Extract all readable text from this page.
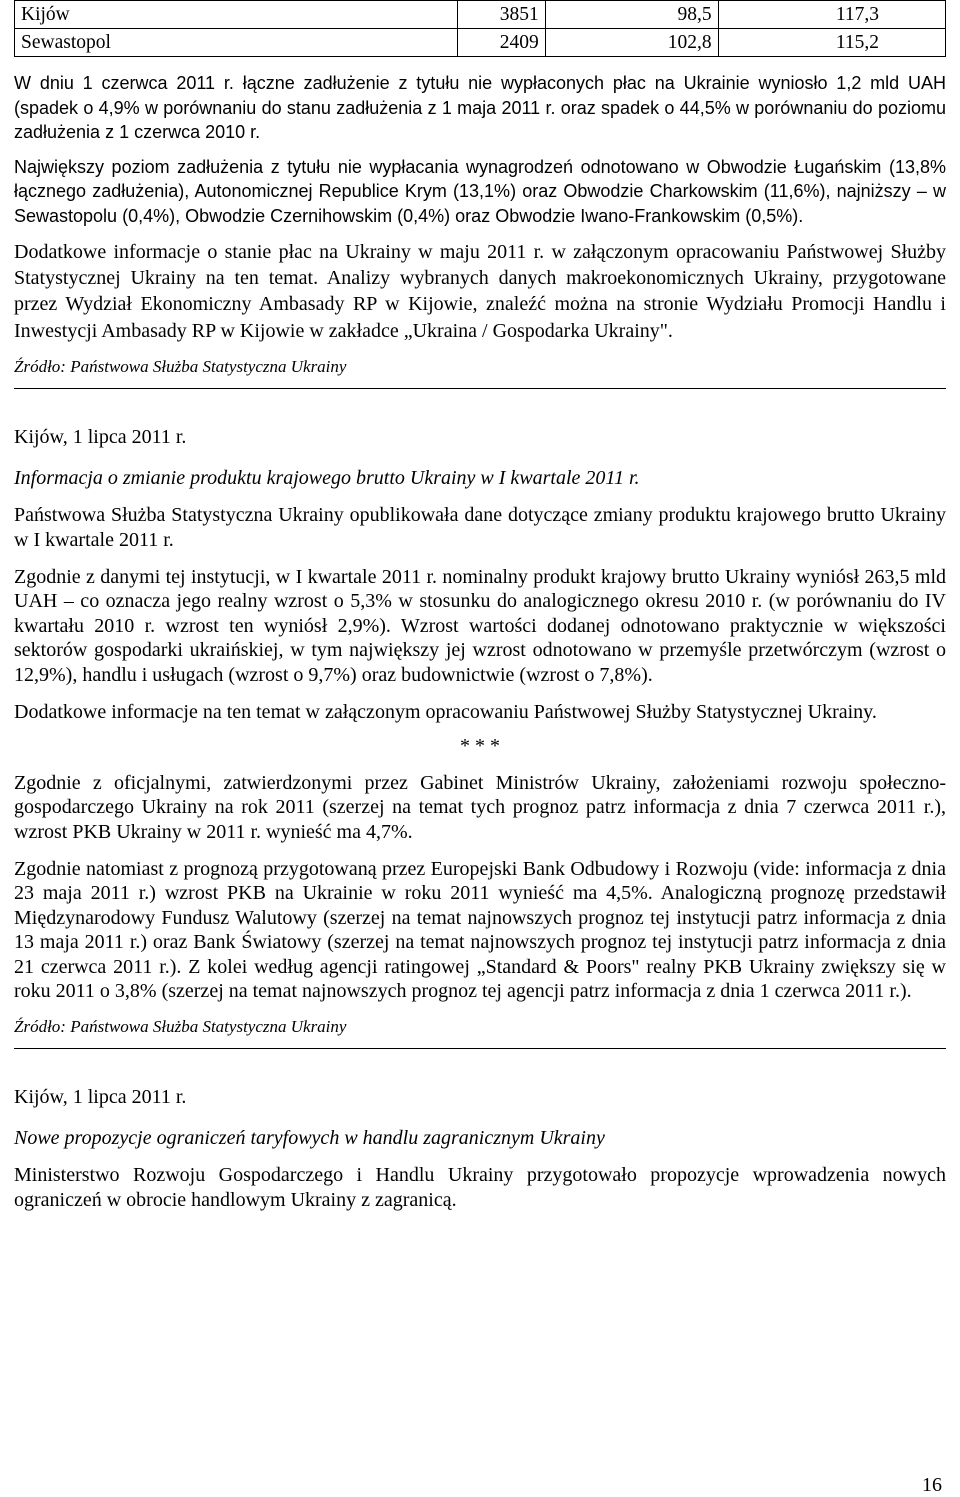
Kijów	3851	98,5	117,3
Sewastopol	2409	102,8	115,2

W dniu 1 czerwca 2011 r. łączne zadłużenie z tytułu nie wypłaconych płac na Ukrainie wyniosło 1,2 mld UAH (spadek o 4,9% w porównaniu do stanu zadłużenia z 1 maja 2011 r. oraz spadek o 44,5% w porównaniu do poziomu zadłużenia z 1 czerwca 2010 r.

Największy poziom zadłużenia z tytułu nie wypłacania wynagrodzeń odnotowano w Obwodzie Ługańskim (13,8% łącznego zadłużenia), Autonomicznej Republice Krym (13,1%) oraz Obwodzie Charkowskim (11,6%), najniższy – w Sewastopolu (0,4%), Obwodzie Czernihowskim (0,4%) oraz Obwodzie Iwano-Frankowskim (0,5%).

Dodatkowe informacje o stanie płac na Ukrainy w maju 2011 r. w załączonym opracowaniu Państwowej Służby Statystycznej Ukrainy na ten temat. Analizy wybranych danych makroekonomicznych Ukrainy, przygotowane przez Wydział Ekonomiczny Ambasady RP w Kijowie, znaleźć można na stronie Wydziału Promocji Handlu i Inwestycji Ambasady RP w Kijowie w zakładce „Ukraina / Gospodarka Ukrainy".

Źródło: Państwowa Służba Statystyczna Ukrainy

Kijów, 1 lipca 2011 r.

Informacja o zmianie produktu krajowego brutto Ukrainy w I kwartale 2011 r.

Państwowa Służba Statystyczna Ukrainy opublikowała dane dotyczące zmiany produktu krajowego brutto Ukrainy w I kwartale 2011 r.

Zgodnie z danymi tej instytucji, w I kwartale 2011 r. nominalny produkt krajowy brutto Ukrainy wyniósł 263,5 mld UAH – co oznacza jego realny wzrost o 5,3% w stosunku do analogicznego okresu 2010 r. (w porównaniu do IV kwartału 2010 r. wzrost ten wyniósł 2,9%). Wzrost wartości dodanej odnotowano praktycznie w większości sektorów gospodarki ukraińskiej, w tym największy jej wzrost odnotowano w przemyśle przetwórczym (wzrost o 12,9%), handlu i usługach (wzrost o 9,7%) oraz budownictwie (wzrost o 7,8%).

Dodatkowe informacje na ten temat w załączonym opracowaniu Państwowej Służby Statystycznej Ukrainy.

* * *

Zgodnie z oficjalnymi, zatwierdzonymi przez Gabinet Ministrów Ukrainy, założeniami rozwoju społeczno-gospodarczego Ukrainy na rok 2011 (szerzej na temat tych prognoz patrz informacja z dnia 7 czerwca 2011 r.), wzrost PKB Ukrainy w 2011 r. wynieść ma 4,7%.

Zgodnie natomiast z prognozą przygotowaną przez Europejski Bank Odbudowy i Rozwoju (vide: informacja z dnia 23 maja 2011 r.) wzrost PKB na Ukrainie w roku 2011 wynieść ma 4,5%. Analogiczną prognozę przedstawił Międzynarodowy Fundusz Walutowy (szerzej na temat najnowszych prognoz tej instytucji patrz informacja z dnia 13 maja 2011 r.) oraz Bank Światowy (szerzej na temat najnowszych prognoz tej instytucji patrz informacja z dnia 21 czerwca 2011 r.). Z kolei według agencji ratingowej „Standard & Poors" realny PKB Ukrainy zwiększy się w roku 2011 o 3,8% (szerzej na temat najnowszych prognoz tej agencji patrz informacja z dnia 1 czerwca 2011 r.).

Źródło: Państwowa Służba Statystyczna Ukrainy

Kijów, 1 lipca 2011 r.

Nowe propozycje ograniczeń taryfowych w handlu zagranicznym Ukrainy

Ministerstwo Rozwoju Gospodarczego i Handlu Ukrainy przygotowało propozycje wprowadzenia nowych ograniczeń w obrocie handlowym Ukrainy z zagranicą.

16
